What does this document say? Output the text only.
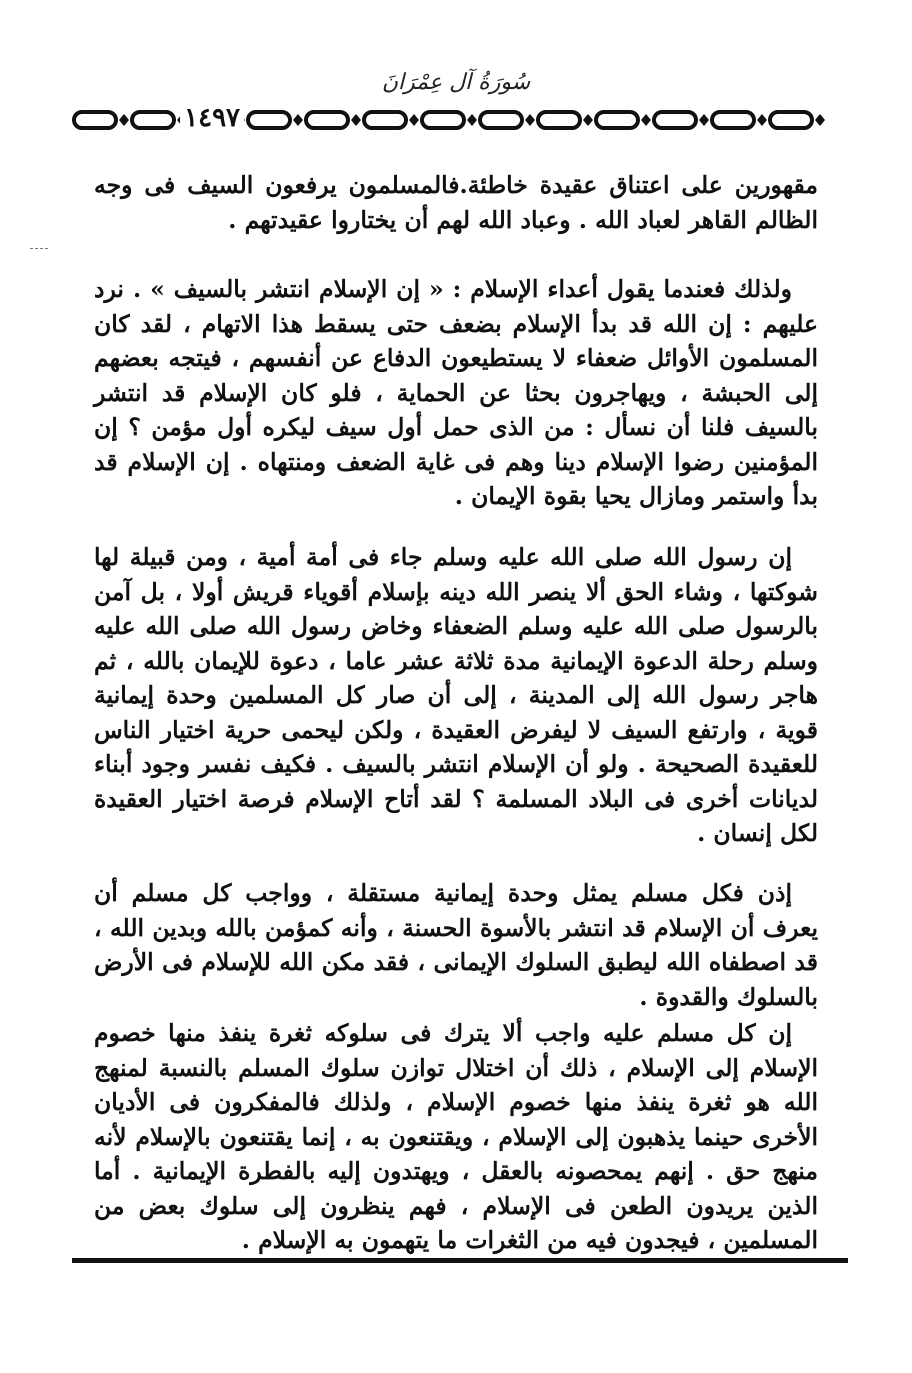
سُورَةُ آل عِمْرَانَ
١٤٩٧

مقهورين على اعتناق عقيدة خاطئة.فالمسلمون يرفعون السيف فى وجه الظالم القاهر لعباد الله . وعباد الله لهم أن يختاروا عقيدتهم .

ولذلك فعندما يقول أعداء الإسلام : « إن الإسلام انتشر بالسيف » . نرد عليهم : إن الله قد بدأ الإسلام بضعف حتى يسقط هذا الاتهام ، لقد كان المسلمون الأوائل ضعفاء لا يستطيعون الدفاع عن أنفسهم ، فيتجه بعضهم إلى الحبشة ، ويهاجرون بحثا عن الحماية ، فلو كان الإسلام قد انتشر بالسيف فلنا أن نسأل : من الذى حمل أول سيف ليكره أول مؤمن ؟ إن المؤمنين رضوا الإسلام دينا وهم فى غاية الضعف ومنتهاه . إن الإسلام قد بدأ واستمر ومازال يحيا بقوة الإيمان .

إن رسول الله صلى الله عليه وسلم جاء فى أمة أمية ، ومن قبيلة لها شوكتها ، وشاء الحق ألا ينصر الله دينه بإسلام أقوياء قريش أولا ، بل آمن بالرسول صلى الله عليه وسلم الضعفاء وخاض رسول الله صلى الله عليه وسلم رحلة الدعوة الإيمانية مدة ثلاثة عشر عاما ، دعوة للإيمان بالله ، ثم هاجر رسول الله إلى المدينة ، إلى أن صار كل المسلمين وحدة إيمانية قوية ، وارتفع السيف لا ليفرض العقيدة ، ولكن ليحمى حرية اختيار الناس للعقيدة الصحيحة . ولو أن الإسلام انتشر بالسيف . فكيف نفسر وجود أبناء لديانات أخرى فى البلاد المسلمة ؟ لقد أتاح الإسلام فرصة اختيار العقيدة لكل إنسان .

إذن فكل مسلم يمثل وحدة إيمانية مستقلة ، وواجب كل مسلم أن يعرف أن الإسلام قد انتشر بالأسوة الحسنة ، وأنه كمؤمن بالله وبدين الله ، قد اصطفاه الله ليطبق السلوك الإيمانى ، فقد مكن الله للإسلام فى الأرض بالسلوك والقدوة .

إن كل مسلم عليه واجب ألا يترك فى سلوكه ثغرة ينفذ منها خصوم الإسلام إلى الإسلام ، ذلك أن اختلال توازن سلوك المسلم بالنسبة لمنهج الله هو ثغرة ينفذ منها خصوم الإسلام ، ولذلك فالمفكرون فى الأديان الأخرى حينما يذهبون إلى الإسلام ، ويقتنعون به ، إنما يقتنعون بالإسلام لأنه منهج حق . إنهم يمحصونه بالعقل ، ويهتدون إليه بالفطرة الإيمانية . أما الذين يريدون الطعن فى الإسلام ، فهم ينظرون إلى سلوك بعض من المسلمين ، فيجدون فيه من الثغرات ما يتهمون به الإسلام .
